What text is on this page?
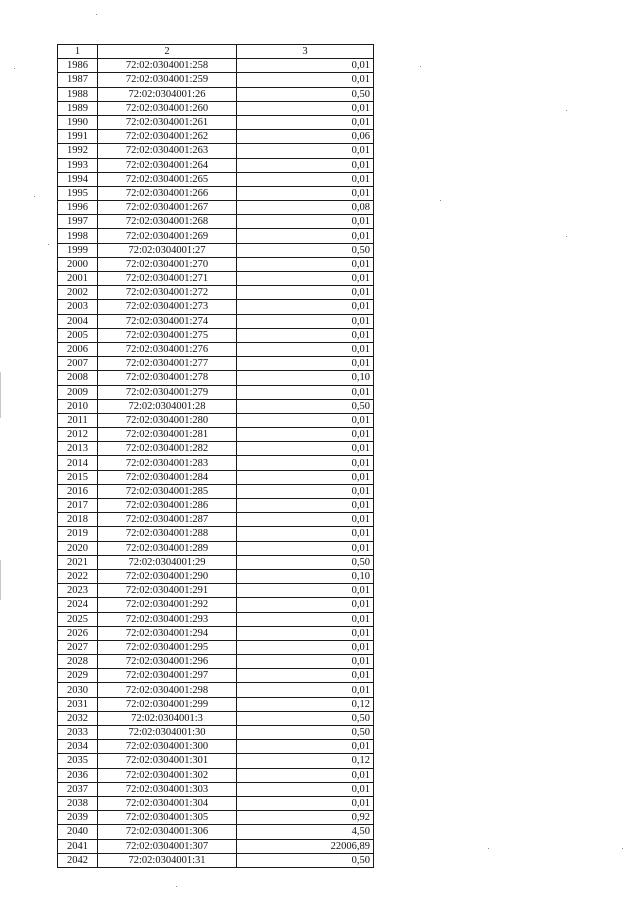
1	2	3
1986	72:02:0304001:258	0,01
1987	72:02:0304001:259	0,01
1988	72:02:0304001:26	0,50
1989	72:02:0304001:260	0,01
1990	72:02:0304001:261	0,01
1991	72:02:0304001:262	0,06
1992	72:02:0304001:263	0,01
1993	72:02:0304001:264	0,01
1994	72:02:0304001:265	0,01
1995	72:02:0304001:266	0,01
1996	72:02:0304001:267	0,08
1997	72:02:0304001:268	0,01
1998	72:02:0304001:269	0,01
1999	72:02:0304001:27	0,50
2000	72:02:0304001:270	0,01
2001	72:02:0304001:271	0,01
2002	72:02:0304001:272	0,01
2003	72:02:0304001:273	0,01
2004	72:02:0304001:274	0,01
2005	72:02:0304001:275	0,01
2006	72:02:0304001:276	0,01
2007	72:02:0304001:277	0,01
2008	72:02:0304001:278	0,10
2009	72:02:0304001:279	0,01
2010	72:02:0304001:28	0,50
2011	72:02:0304001:280	0,01
2012	72:02:0304001:281	0,01
2013	72:02:0304001:282	0,01
2014	72:02:0304001:283	0,01
2015	72:02:0304001:284	0,01
2016	72:02:0304001:285	0,01
2017	72:02:0304001:286	0,01
2018	72:02:0304001:287	0,01
2019	72:02:0304001:288	0,01
2020	72:02:0304001:289	0,01
2021	72:02:0304001:29	0,50
2022	72:02:0304001:290	0,10
2023	72:02:0304001:291	0,01
2024	72:02:0304001:292	0,01
2025	72:02:0304001:293	0,01
2026	72:02:0304001:294	0,01
2027	72:02:0304001:295	0,01
2028	72:02:0304001:296	0,01
2029	72:02:0304001:297	0,01
2030	72:02:0304001:298	0,01
2031	72:02:0304001:299	0,12
2032	72:02:0304001:3	0,50
2033	72:02:0304001:30	0,50
2034	72:02:0304001:300	0,01
2035	72:02:0304001:301	0,12
2036	72:02:0304001:302	0,01
2037	72:02:0304001:303	0,01
2038	72:02:0304001:304	0,01
2039	72:02:0304001:305	0,92
2040	72:02:0304001:306	4,50
2041	72:02:0304001:307	22006,89
2042	72:02:0304001:31	0,50
